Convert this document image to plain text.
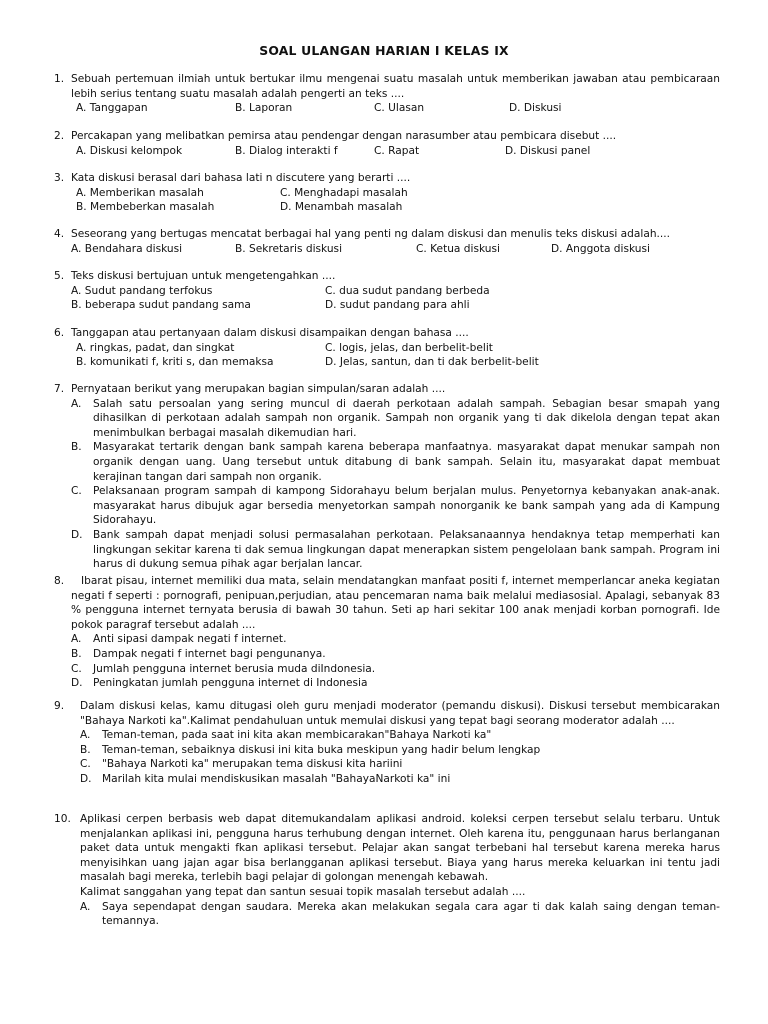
SOAL ULANGAN HARIAN I KELAS IX
1. Sebuah pertemuan ilmiah untuk bertukar ilmu mengenai suatu masalah untuk memberikan jawaban atau pembicaraan lebih serius tentang suatu masalah adalah pengerti an teks ....
A. Tanggapan	B. Laporan	C. Ulasan	D. Diskusi
2. Percakapan yang melibatkan pemirsa atau pendengar dengan narasumber atau pembicara disebut ....
A. Diskusi kelompok	B. Dialog interakti f	C. Rapat	D. Diskusi panel
3. Kata diskusi berasal dari bahasa lati n discutere yang berarti ....
A. Memberikan masalah	C. Menghadapi masalah
B. Membeberkan masalah	D. Menambah masalah
4. Seseorang yang bertugas mencatat berbagai hal yang penti ng dalam diskusi dan menulis teks diskusi adalah....
A. Bendahara diskusi	B. Sekretaris diskusi	C. Ketua diskusi	D. Anggota diskusi
5. Teks diskusi bertujuan untuk mengetengahkan ....
A. Sudut pandang terfokus	C. dua sudut pandang berbeda
B. beberapa sudut pandang sama	D. sudut pandang para ahli
6. Tanggapan atau pertanyaan dalam diskusi disampaikan dengan bahasa ....
A. ringkas, padat, dan singkat	C. logis, jelas, dan berbelit-belit
B. komunikati f, kriti s, dan memaksa	D. Jelas, santun, dan ti dak berbelit-belit
7. Pernyataan berikut yang merupakan bagian simpulan/saran adalah ....
A. Salah satu persoalan yang sering muncul di daerah perkotaan adalah sampah. Sebagian besar smapah yang dihasilkan di perkotaan adalah sampah non organik. Sampah non organik yang ti dak dikelola dengan tepat akan menimbulkan berbagai masalah dikemudian hari.
B. Masyarakat tertarik dengan bank sampah karena beberapa manfaatnya. masyarakat dapat menukar sampah non organik dengan uang. Uang tersebut untuk ditabung di bank sampah. Selain itu, masyarakat dapat membuat kerajinan tangan dari sampah non organik.
C. Pelaksanaan program sampah di kampong Sidorahayu belum berjalan mulus. Penyetornya kebanyakan anak-anak. masyarakat harus dibujuk agar bersedia menyetorkan sampah nonorganik ke bank sampah yang ada di Kampung Sidorahayu.
D. Bank sampah dapat menjadi solusi permasalahan perkotaan. Pelaksanaannya hendaknya tetap memperhati kan lingkungan sekitar karena ti dak semua lingkungan dapat menerapkan sistem pengelolaan bank sampah. Program ini harus di dukung semua pihak agar berjalan lancar.
8.	Ibarat pisau, internet memiliki dua mata, selain mendatangkan manfaat positi f, internet memperlancar aneka kegiatan negati f seperti : pornografi, penipuan,perjudian, atau pencemaran nama baik melalui mediasosial. Apalagi, sebanyak 83 % pengguna internet ternyata berusia di bawah 30 tahun. Seti ap hari sekitar 100 anak menjadi korban pornografi. Ide pokok paragraf tersebut adalah ....
A. Anti sipasi dampak negati f internet.
B. Dampak negati f internet bagi pengunanya.
C. Jumlah pengguna internet berusia muda diIndonesia.
D. Peningkatan jumlah pengguna internet di Indonesia
9. Dalam diskusi kelas, kamu ditugasi oleh guru menjadi moderator (pemandu diskusi). Diskusi tersebut membicarakan "Bahaya Narkoti ka".Kalimat pendahuluan untuk memulai diskusi yang tepat bagi seorang moderator adalah ....
A. Teman-teman, pada saat ini kita akan membicarakan"Bahaya Narkoti ka"
B. Teman-teman, sebaiknya diskusi ini kita buka meskipun yang hadir belum lengkap
C. "Bahaya Narkoti ka" merupakan tema diskusi kita hariini
D. Marilah kita mulai mendiskusikan masalah "BahayaNarkoti ka" ini
10. Aplikasi cerpen berbasis web dapat ditemukandalam aplikasi android. koleksi cerpen tersebut selalu terbaru. Untuk menjalankan aplikasi ini, pengguna harus terhubung dengan internet. Oleh karena itu, penggunaan harus berlanganan paket data untuk mengakti fkan aplikasi tersebut. Pelajar akan sangat terbebani hal tersebut karena mereka harus menyisihkan uang jajan agar bisa berlangganan aplikasi tersebut. Biaya yang harus mereka keluarkan ini tentu jadi masalah bagi mereka, terlebih bagi pelajar di golongan menengah kebawah.
Kalimat sanggahan yang tepat dan santun sesuai topik masalah tersebut adalah ....
A. Saya sependapat dengan saudara. Mereka akan melakukan segala cara agar ti dak kalah saing dengan teman-temannya.
